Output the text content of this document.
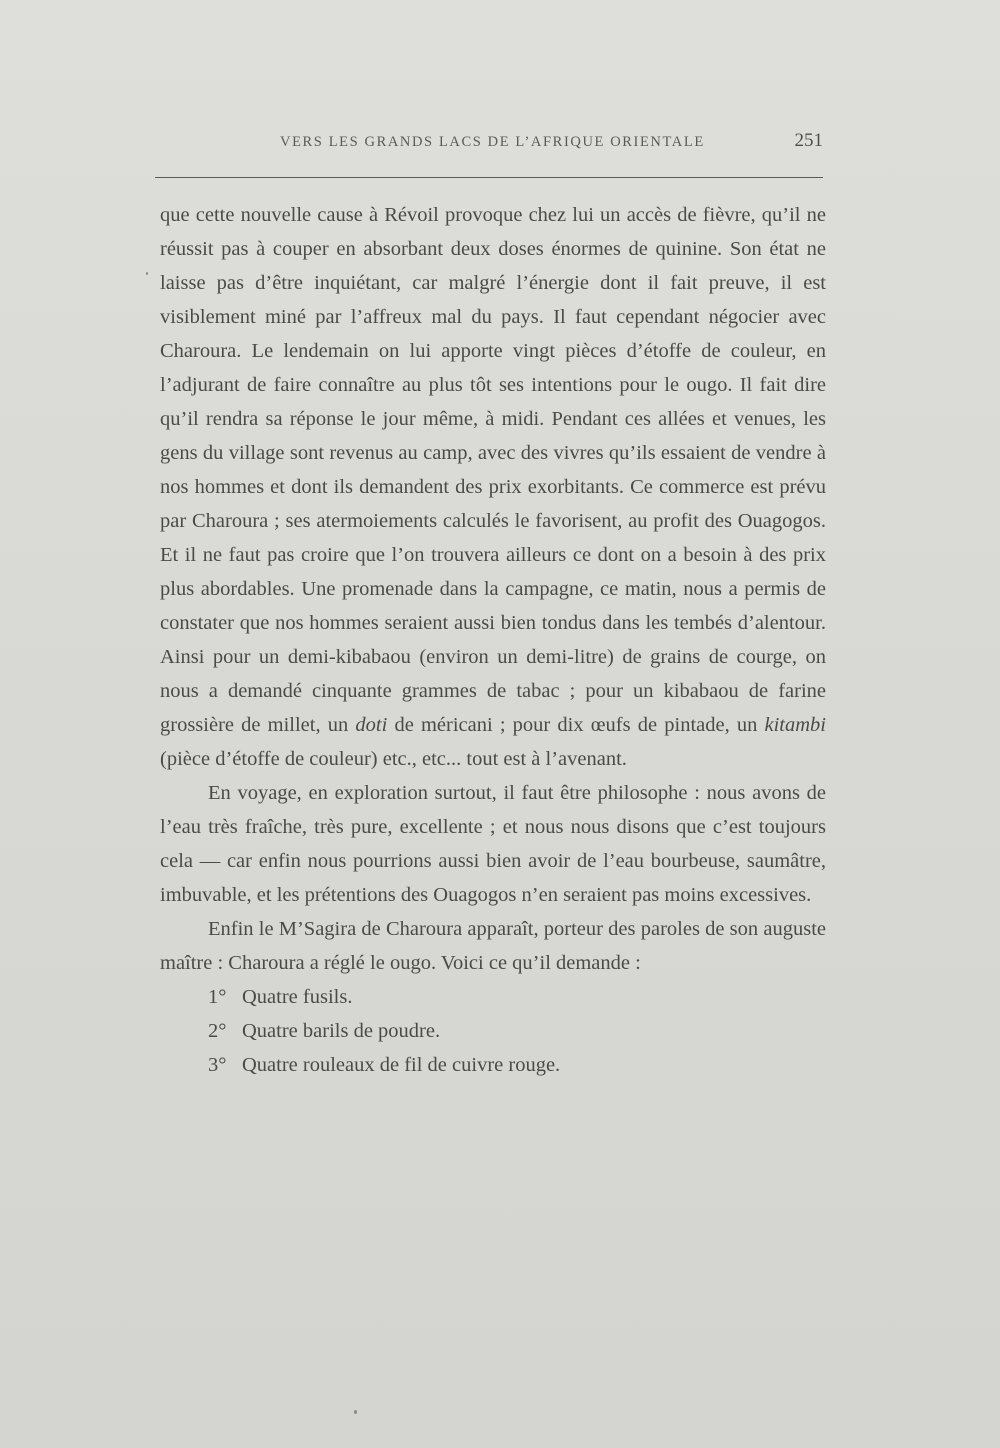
VERS LES GRANDS LACS DE L’AFRIQUE ORIENTALE	251

que cette nouvelle cause à Révoil provoque chez lui un accès de fièvre, qu’il ne réussit pas à couper en absorbant deux doses énormes de quinine. Son état ne laisse pas d’être inquiétant, car malgré l’énergie dont il fait preuve, il est visiblement miné par l’affreux mal du pays. Il faut cependant négocier avec Charoura. Le lendemain on lui apporte vingt pièces d’étoffe de couleur, en l’adjurant de faire connaître au plus tôt ses intentions pour le ougo. Il fait dire qu’il rendra sa réponse le jour même, à midi. Pendant ces allées et venues, les gens du village sont revenus au camp, avec des vivres qu’ils essaient de vendre à nos hommes et dont ils demandent des prix exorbitants. Ce commerce est prévu par Charoura ; ses atermoiements calculés le favorisent, au profit des Ouagogos. Et il ne faut pas croire que l’on trouvera ailleurs ce dont on a besoin à des prix plus abordables. Une promenade dans la campagne, ce matin, nous a permis de constater que nos hommes seraient aussi bien tondus dans les tembés d’alentour. Ainsi pour un demi-kibabaou (environ un demi-litre) de grains de courge, on nous a demandé cinquante grammes de tabac ; pour un kibabaou de farine grossière de millet, un doti de méricani ; pour dix œufs de pintade, un kitambi (pièce d’étoffe de couleur) etc., etc... tout est à l’avenant.

En voyage, en exploration surtout, il faut être philosophe : nous avons de l’eau très fraîche, très pure, excellente ; et nous nous disons que c’est toujours cela — car enfin nous pourrions aussi bien avoir de l’eau bourbeuse, saumâtre, imbuvable, et les prétentions des Ouagogos n’en seraient pas moins excessives.

Enfin le M’Sagira de Charoura apparaît, porteur des paroles de son auguste maître : Charoura a réglé le ougo. Voici ce qu’il demande :

1° Quatre fusils.
2° Quatre barils de poudre.
3° Quatre rouleaux de fil de cuivre rouge.
